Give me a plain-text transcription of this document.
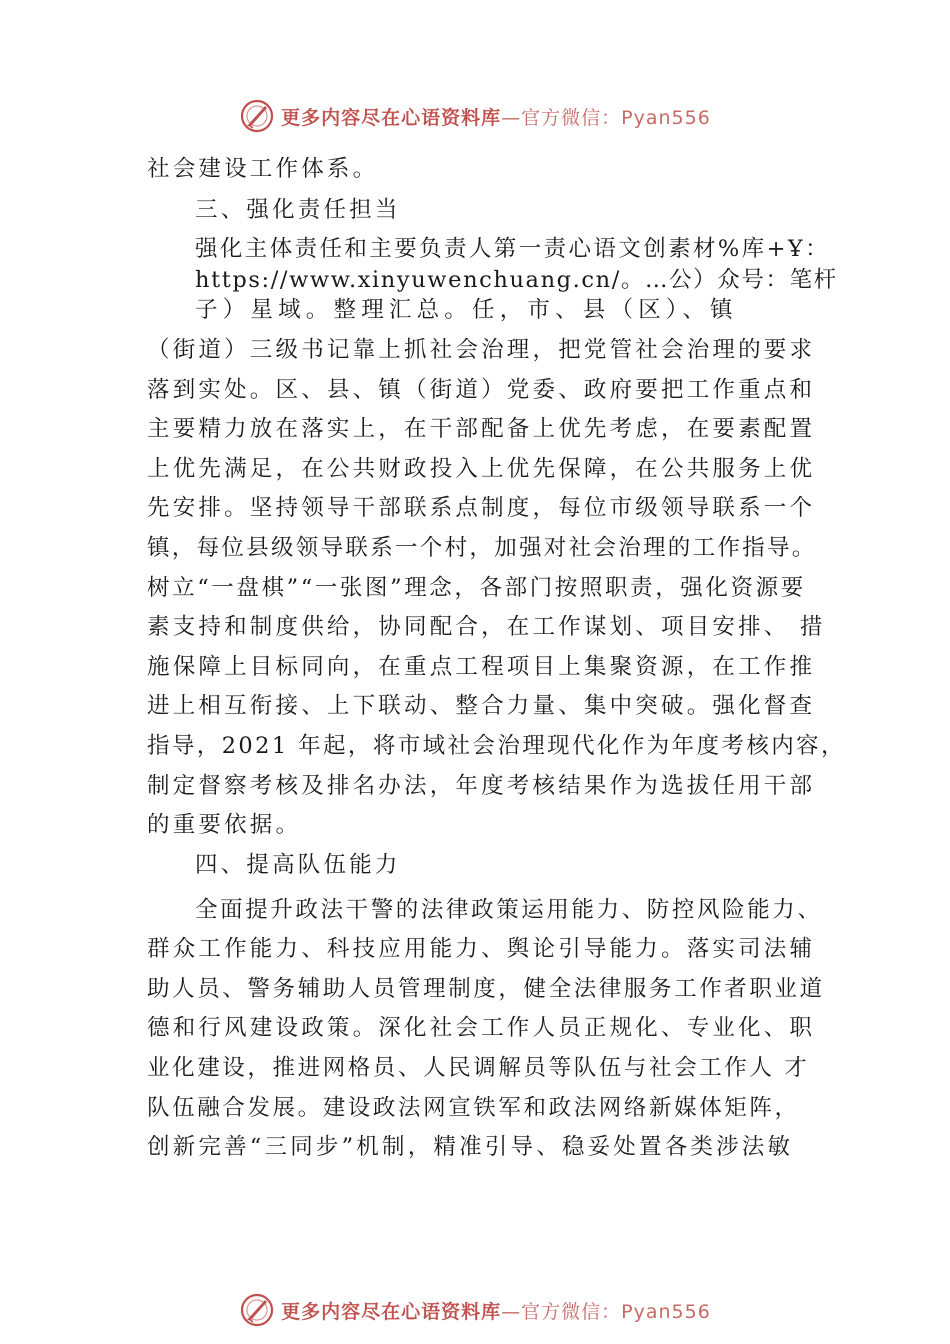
更多内容尽在心语资料库—官方微信：Pyan556
社会建设工作体系。
三、强化责任担当
强化主体责任和主要负责人第一责心语文创素材%库+Ұ：
https://www.xinyuwenchuang.cn/。…公）众号：笔杆
子）星域。整理汇总。任，市、县（区）、镇
（街道）三级书记靠上抓社会治理，把党管社会治理的要求
落到实处。区、县、镇（街道）党委、政府要把工作重点和
主要精力放在落实上，在干部配备上优先考虑，在要素配置
上优先满足，在公共财政投入上优先保障，在公共服务上优
先安排。坚持领导干部联系点制度，每位市级领导联系一个
镇，每位县级领导联系一个村，加强对社会治理的工作指导。
树立“一盘棋”“一张图”理念，各部门按照职责，强化资源要
素支持和制度供给，协同配合，在工作谋划、项目安排、 措
施保障上目标同向，在重点工程项目上集聚资源，在工作推
进上相互衔接、上下联动、整合力量、集中突破。强化督查
指导，2021 年起，将市域社会治理现代化作为年度考核内容，
制定督察考核及排名办法，年度考核结果作为选拔任用干部
的重要依据。
四、提高队伍能力
全面提升政法干警的法律政策运用能力、防控风险能力、
群众工作能力、科技应用能力、舆论引导能力。落实司法辅
助人员、警务辅助人员管理制度，健全法律服务工作者职业道
德和行风建设政策。深化社会工作人员正规化、专业化、职
业化建设，推进网格员、人民调解员等队伍与社会工作人 才
队伍融合发展。建设政法网宣铁军和政法网络新媒体矩阵，
创新完善“三同步”机制，精准引导、稳妥处置各类涉法敏
更多内容尽在心语资料库—官方微信：Pyan556
